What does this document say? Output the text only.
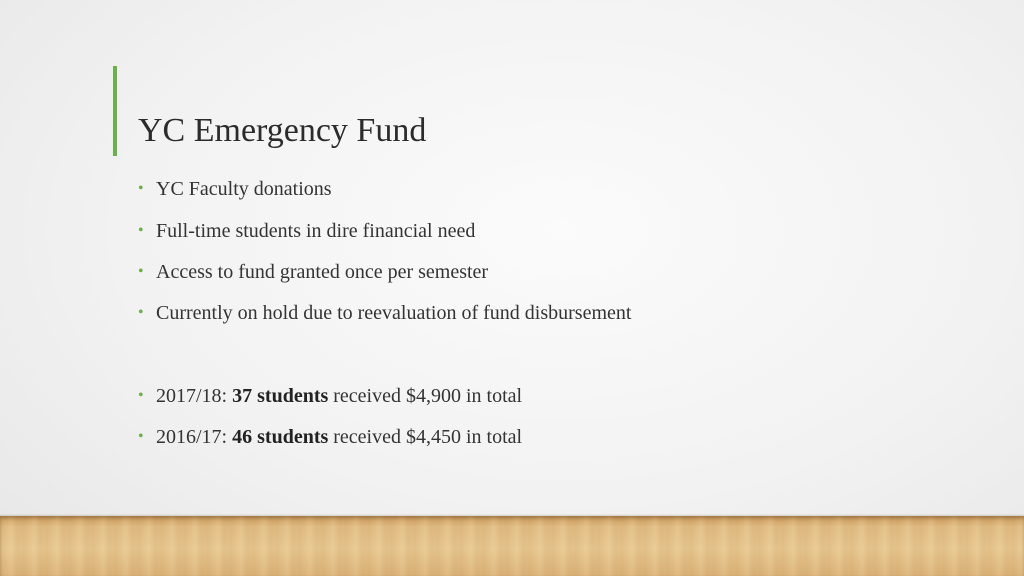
YC Emergency Fund
• YC Faculty donations
• Full-time students in dire financial need
• Access to fund granted once per semester
• Currently on hold due to reevaluation of fund disbursement
• 2017/18: 37 students received $4,900 in total
• 2016/17: 46 students received $4,450 in total
